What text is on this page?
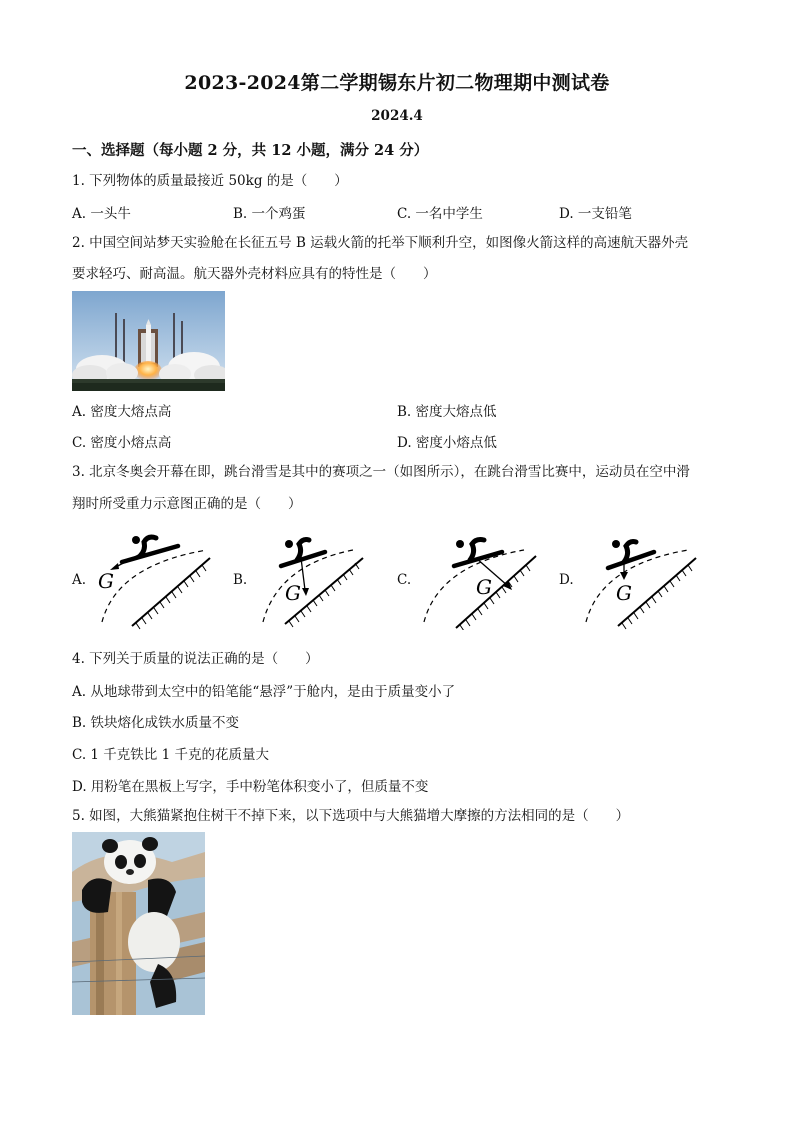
2023-2024第二学期锡东片初二物理期中测试卷
2024.4
一、选择题（每小题 2 分，共 12 小题，满分 24 分）
1. 下列物体的质量最接近 50kg 的是（　　）
A. 一头牛	B. 一个鸡蛋	C. 一名中学生	D. 一支铅笔
2. 中国空间站梦天实验舱在长征五号 B 运载火箭的托举下顺利升空，如图像火箭这样的高速航天器外壳
要求轻巧、耐高温。航天器外壳材料应具有的特性是（　　）
A. 密度大熔点高	B. 密度大熔点低
C. 密度小熔点高	D. 密度小熔点低
3. 北京冬奥会开幕在即，跳台滑雪是其中的赛项之一（如图所示），在跳台滑雪比赛中，运动员在空中滑
翔时所受重力示意图正确的是（　　）
A.	B.	C.	D.
G	G	G	G
4. 下列关于质量的说法正确的是（　　）
A. 从地球带到太空中的铅笔能“悬浮”于舱内，是由于质量变小了
B. 铁块熔化成铁水质量不变
C. 1 千克铁比 1 千克的花质量大
D. 用粉笔在黑板上写字，手中粉笔体积变小了，但质量不变
5. 如图，大熊猫紧抱住树干不掉下来，以下选项中与大熊猫增大摩擦的方法相同的是（　　）
